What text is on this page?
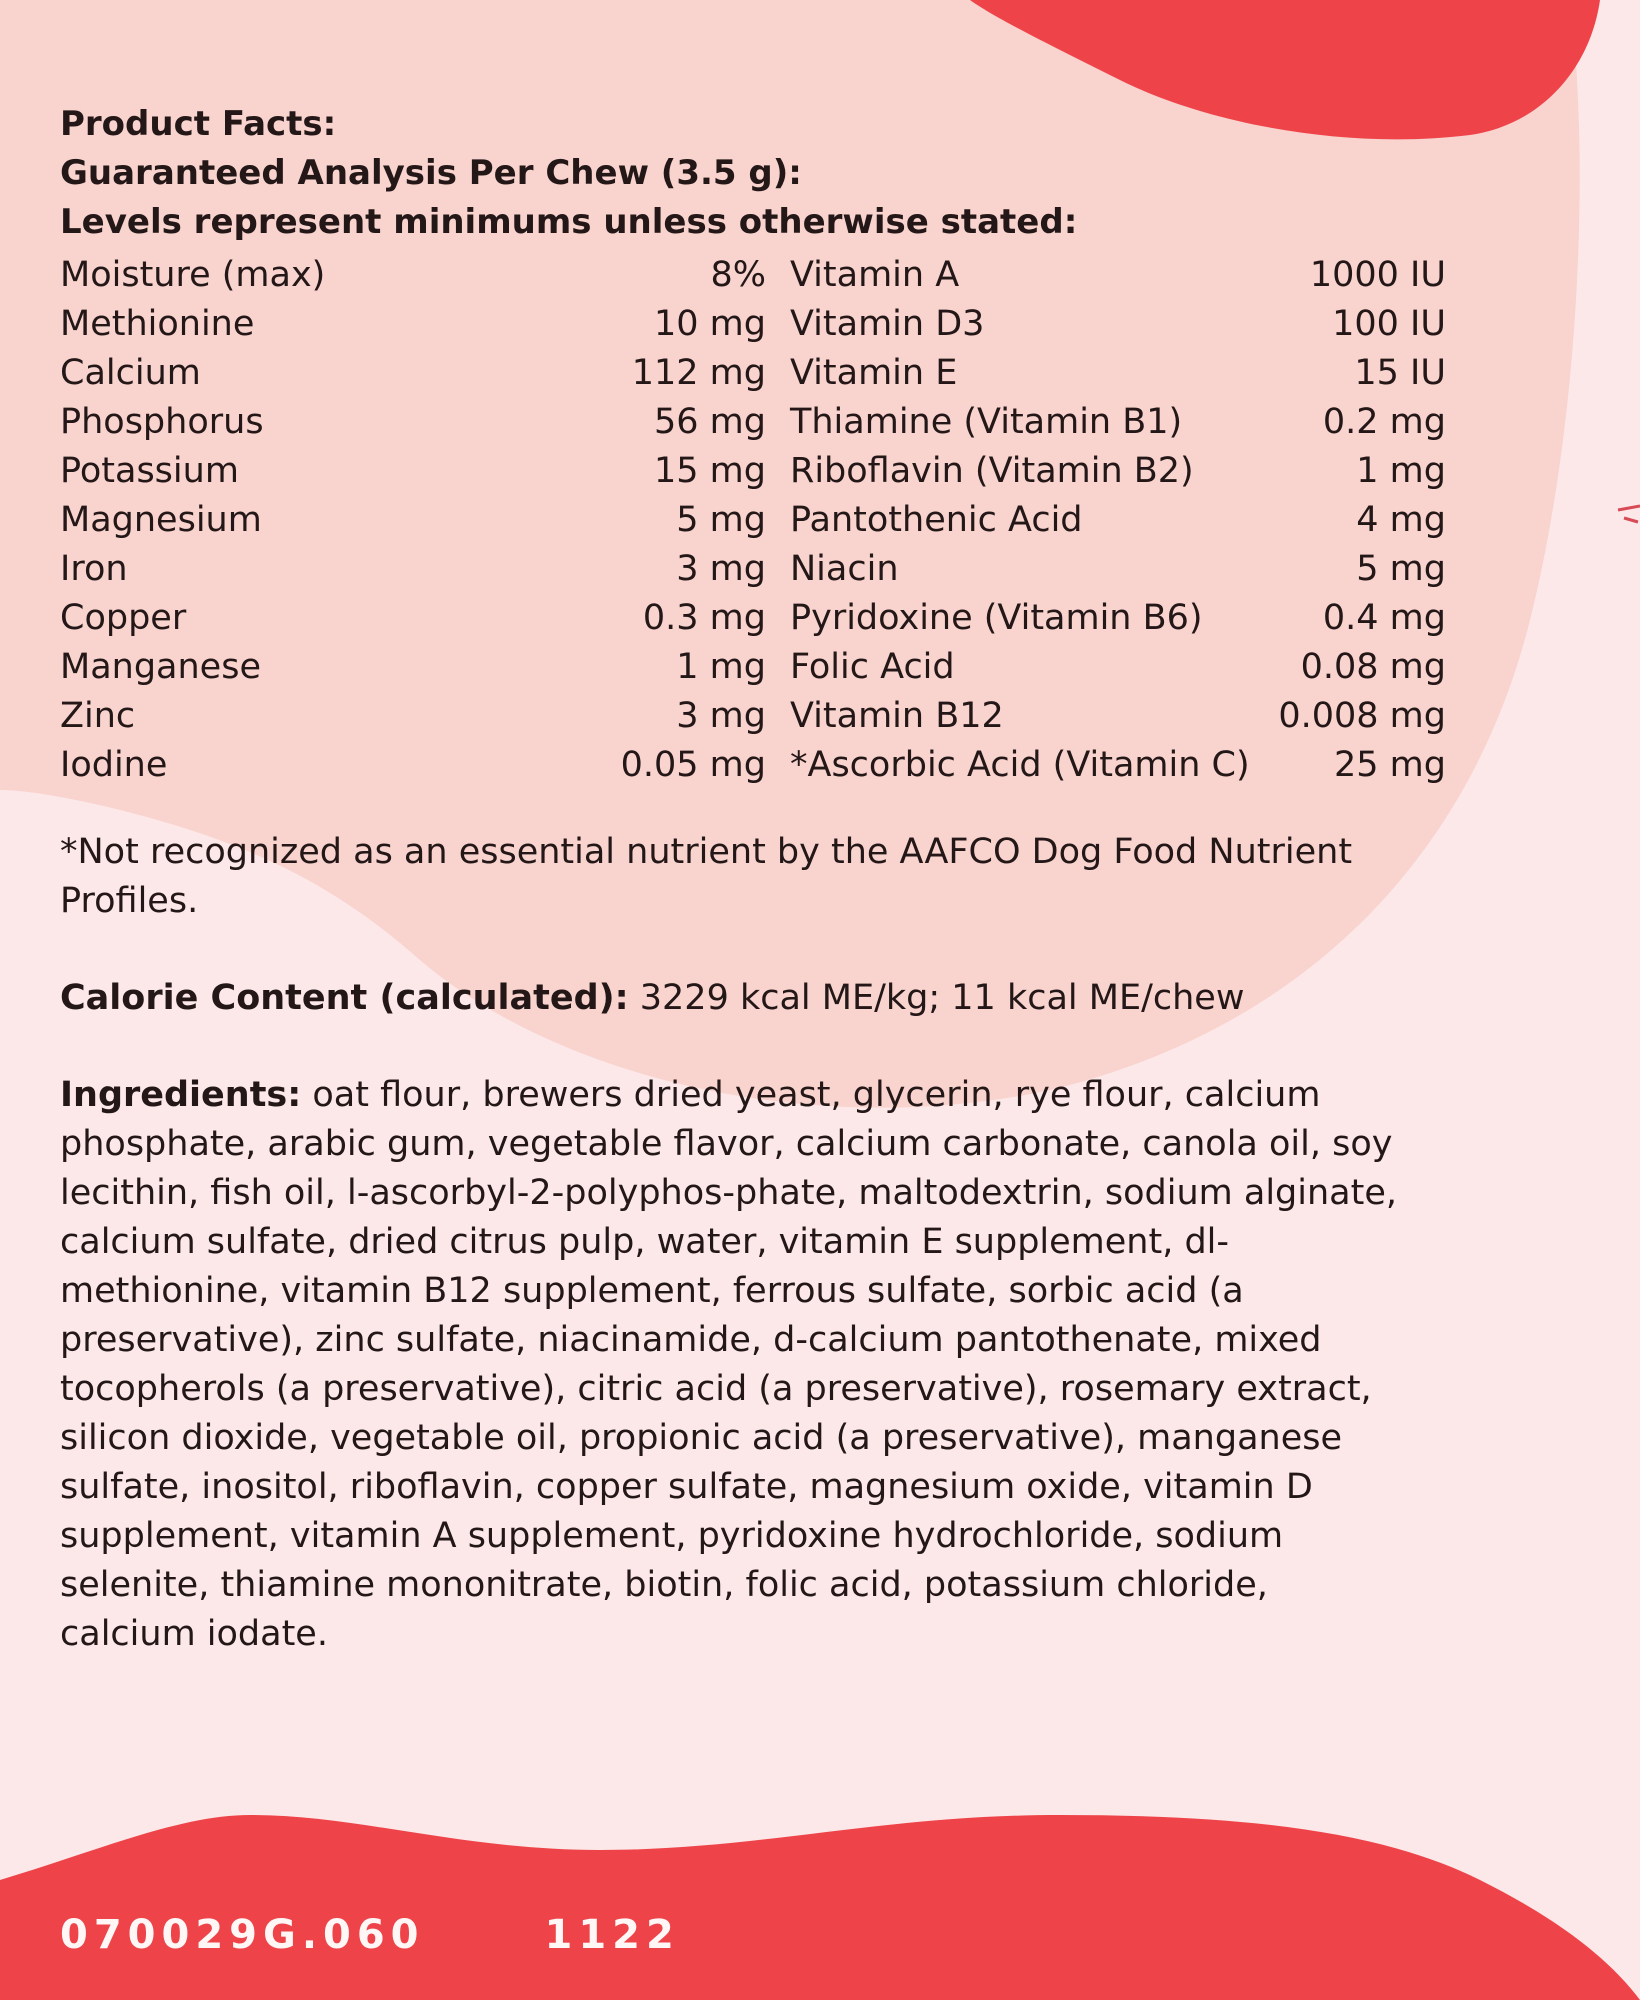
Product Facts:
Guaranteed Analysis Per Chew (3.5 g):
Levels represent minimums unless otherwise stated:
Moisture (max)	8% Vitamin A	1000 IU
Methionine	10 mg Vitamin D3	100 IU
Calcium	112 mg Vitamin E	15 IU
Phosphorus	56 mg Thiamine (Vitamin B1)	0.2 mg
Potassium	15 mg Riboflavin (Vitamin B2)	1 mg
Magnesium	5 mg Pantothenic Acid	4 mg
Iron	3 mg Niacin	5 mg
Copper	0.3 mg Pyridoxine (Vitamin B6)	0.4 mg
Manganese	1 mg Folic Acid	0.08 mg
Zinc	3 mg Vitamin B12	0.008 mg
Iodine	0.05 mg *Ascorbic Acid (Vitamin C)	25 mg
*Not recognized as an essential nutrient by the AAFCO Dog Food Nutrient Profiles.
Calorie Content (calculated): 3229 kcal ME/kg; 11 kcal ME/chew
Ingredients: oat flour, brewers dried yeast, glycerin, rye flour, calcium phosphate, arabic gum, vegetable flavor, calcium carbonate, canola oil, soy lecithin, fish oil, l-ascorbyl-2-polyphos-phate, maltodextrin, sodium alginate, calcium sulfate, dried citrus pulp, water, vitamin E supplement, dl-methionine, vitamin B12 supplement, ferrous sulfate, sorbic acid (a preservative), zinc sulfate, niacinamide, d-calcium pantothenate, mixed tocopherols (a preservative), citric acid (a preservative), rosemary extract, silicon dioxide, vegetable oil, propionic acid (a preservative), manganese sulfate, inositol, riboflavin, copper sulfate, magnesium oxide, vitamin D supplement, vitamin A supplement, pyridoxine hydrochloride, sodium selenite, thiamine mononitrate, biotin, folic acid, potassium chloride, calcium iodate.
070029G.060	1122
